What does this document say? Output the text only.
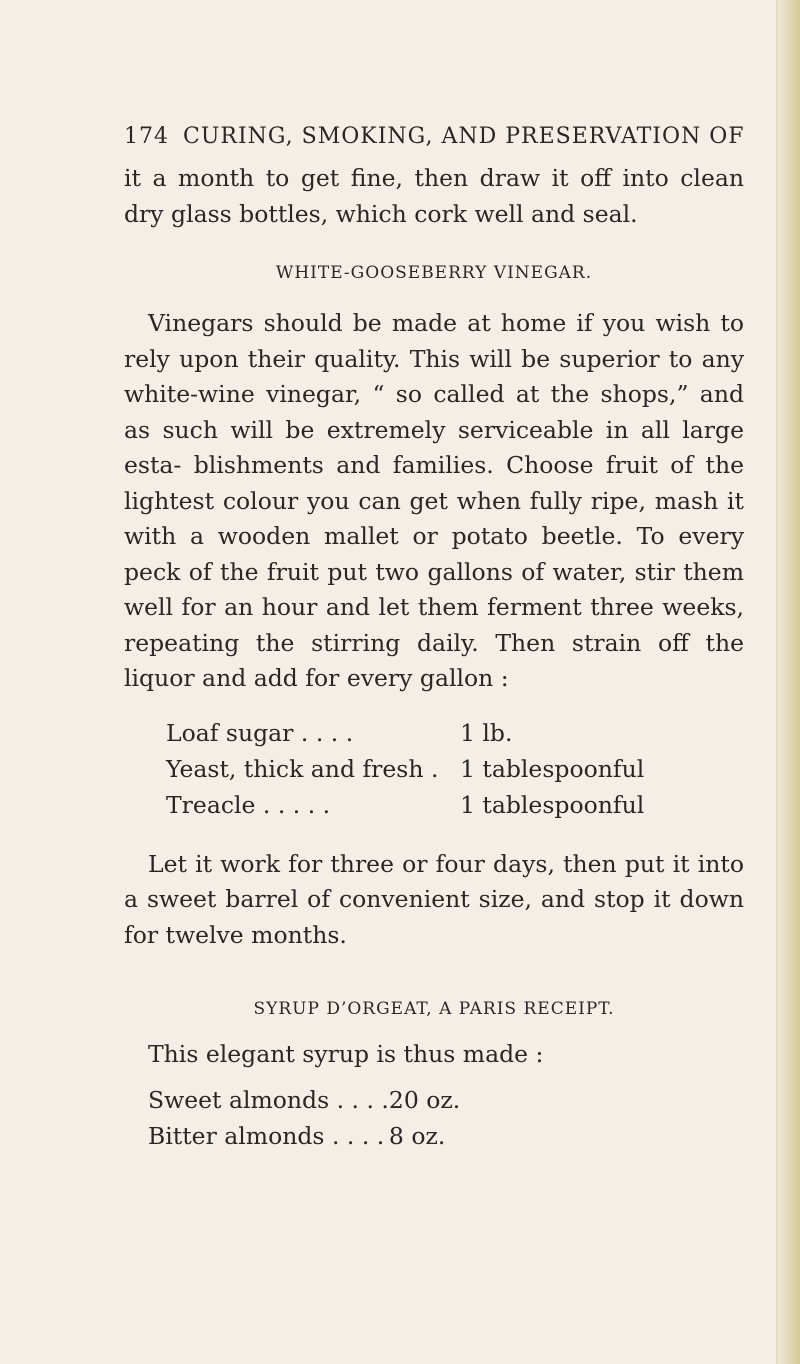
174 CURING, SMOKING, AND PRESERVATION OF

it a month to get fine, then draw it off into clean dry glass bottles, which cork well and seal.

WHITE-GOOSEBERRY VINEGAR.

Vinegars should be made at home if you wish to rely upon their quality. This will be superior to any white-wine vinegar, “ so called at the shops,” and as such will be extremely serviceable in all large esta- blishments and families. Choose fruit of the lightest colour you can get when fully ripe, mash it with a wooden mallet or potato beetle. To every peck of the fruit put two gallons of water, stir them well for an hour and let them ferment three weeks, repeating the stirring daily. Then strain off the liquor and add for every gallon :

Loaf sugar . . . .	1 lb.
Yeast, thick and fresh .	1 tablespoonful
Treacle . . . . .	1 tablespoonful

Let it work for three or four days, then put it into a sweet barrel of convenient size, and stop it down for twelve months.

SYRUP D’ORGEAT, A PARIS RECEIPT.
This elegant syrup is thus made :
Sweet almonds . . . .	20 oz.
Bitter almonds . . . .	8 oz.
